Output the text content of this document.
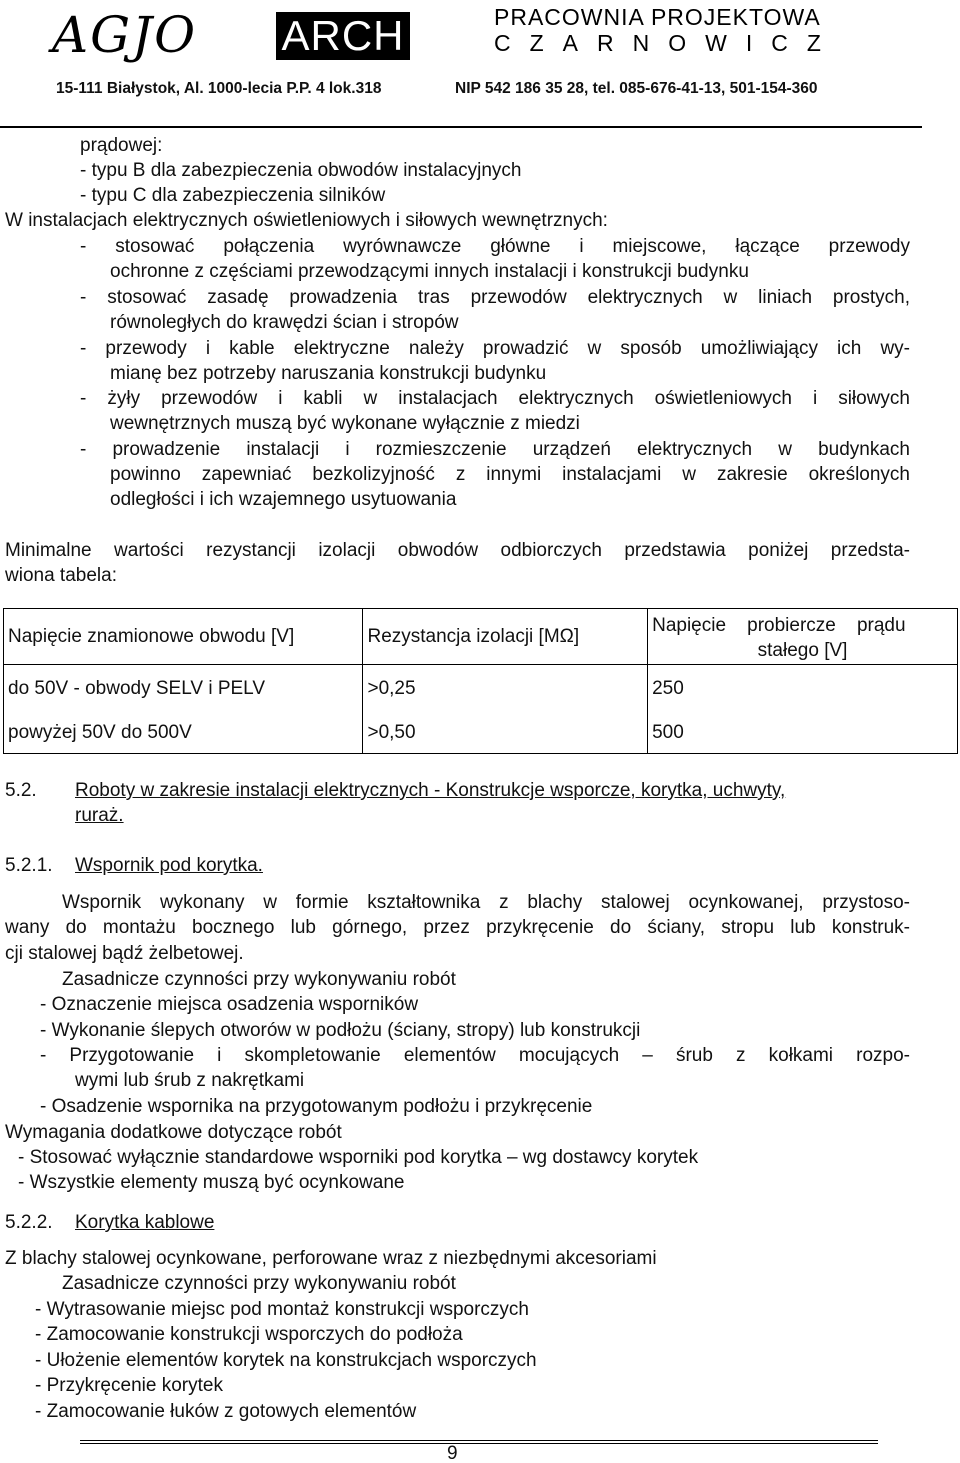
AGJO ARCH	PRACOWNIA PROJEKTOWA
CZARNOWICZ
15-111 Białystok, Al. 1000-lecia P.P. 4 lok.318	NIP 542 186 35 28, tel. 085-676-41-13, 501-154-360
prądowej:
- typu B dla zabezpieczenia obwodów instalacyjnych
- typu C dla zabezpieczenia silników
W instalacjach elektrycznych oświetleniowych i siłowych wewnętrznych:
- stosować połączenia wyrównawcze główne i miejscowe, łączące przewody
ochronne z częściami przewodzącymi innych instalacji i konstrukcji budynku
- stosować zasadę prowadzenia tras przewodów elektrycznych w liniach prostych,
równoległych do krawędzi ścian i stropów
- przewody i kable elektryczne należy prowadzić w sposób umożliwiający ich wy-
mianę bez potrzeby naruszania konstrukcji budynku
- żyły przewodów i kabli w instalacjach elektrycznych oświetleniowych i siłowych
wewnętrznych muszą być wykonane wyłącznie z miedzi
- prowadzenie instalacji i rozmieszczenie urządzeń elektrycznych w budynkach
powinno zapewniać bezkolizyjność z innymi instalacjami w zakresie określonych
odległości i ich wzajemnego usytuowania
Minimalne wartości rezystancji izolacji obwodów odbiorczych przedstawia poniżej przedsta-
wiona tabela:
Napięcie znamionowe obwodu [V]	Rezystancja izolacji [MΩ]	Napięcie    probiercze    prądu
stałego [V]

do 50V - obwody SELV i PELV	>0,25	250
powyżej 50V do 500V	>0,50	500
5.2. Roboty w zakresie instalacji elektrycznych - Konstrukcje wsporcze, korytka, uchwyty,
ruraż.
5.2.1. Wspornik pod korytka.
Wspornik wykonany w formie kształtownika z blachy stalowej ocynkowanej, przystoso-
wany do montażu bocznego lub górnego, przez przykręcenie do ściany, stropu lub konstruk-
cji stalowej bądź żelbetowej.
Zasadnicze czynności przy wykonywaniu robót
- Oznaczenie miejsca osadzenia wsporników
- Wykonanie ślepych otworów w podłożu (ściany, stropy) lub konstrukcji
- Przygotowanie i skompletowanie elementów mocujących – śrub z kołkami rozpo-
wymi lub śrub z nakrętkami
- Osadzenie wspornika na przygotowanym podłożu i przykręcenie
Wymagania dodatkowe dotyczące robót
- Stosować wyłącznie standardowe wsporniki pod korytka – wg dostawcy korytek
- Wszystkie elementy muszą być ocynkowane
5.2.2. Korytka kablowe
Z blachy stalowej ocynkowane, perforowane wraz z niezbędnymi akcesoriami
Zasadnicze czynności przy wykonywaniu robót
- Wytrasowanie miejsc pod montaż konstrukcji wsporczych
- Zamocowanie konstrukcji wsporczych do podłoża
- Ułożenie elementów korytek na konstrukcjach wsporczych
- Przykręcenie korytek
- Zamocowanie łuków z gotowych elementów
9
